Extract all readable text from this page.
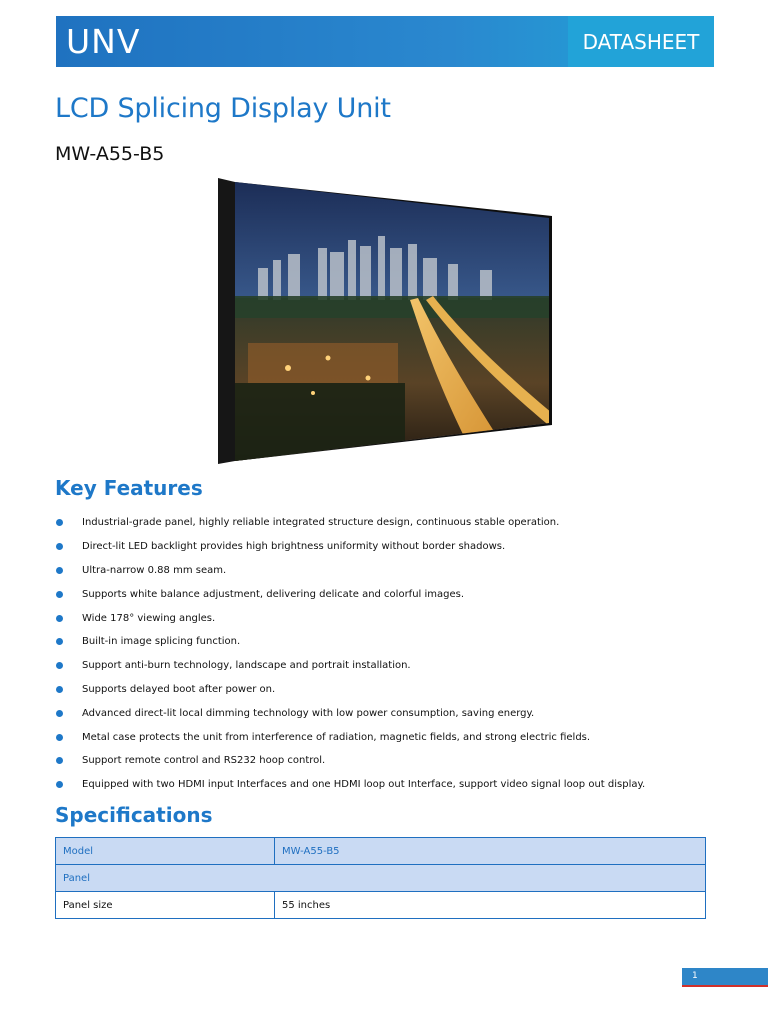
UNV	DATASHEET
LCD Splicing Display Unit
MW-A55-B5
Key Features
Industrial-grade panel, highly reliable integrated structure design, continuous stable operation.
Direct-lit LED backlight provides high brightness uniformity without border shadows.
Ultra-narrow 0.88 mm seam.
Supports white balance adjustment, delivering delicate and colorful images.
Wide 178° viewing angles.
Built-in image splicing function.
Support anti-burn technology, landscape and portrait installation.
Supports delayed boot after power on.
Advanced direct-lit local dimming technology with low power consumption, saving energy.
Metal case protects the unit from interference of radiation, magnetic fields, and strong electric fields.
Support remote control and RS232 hoop control.
Equipped with two HDMI input Interfaces and one HDMI loop out Interface, support video signal loop out display.
Specifications
Model	MW-A55-B5
Panel	
Panel size	55 inches
1
